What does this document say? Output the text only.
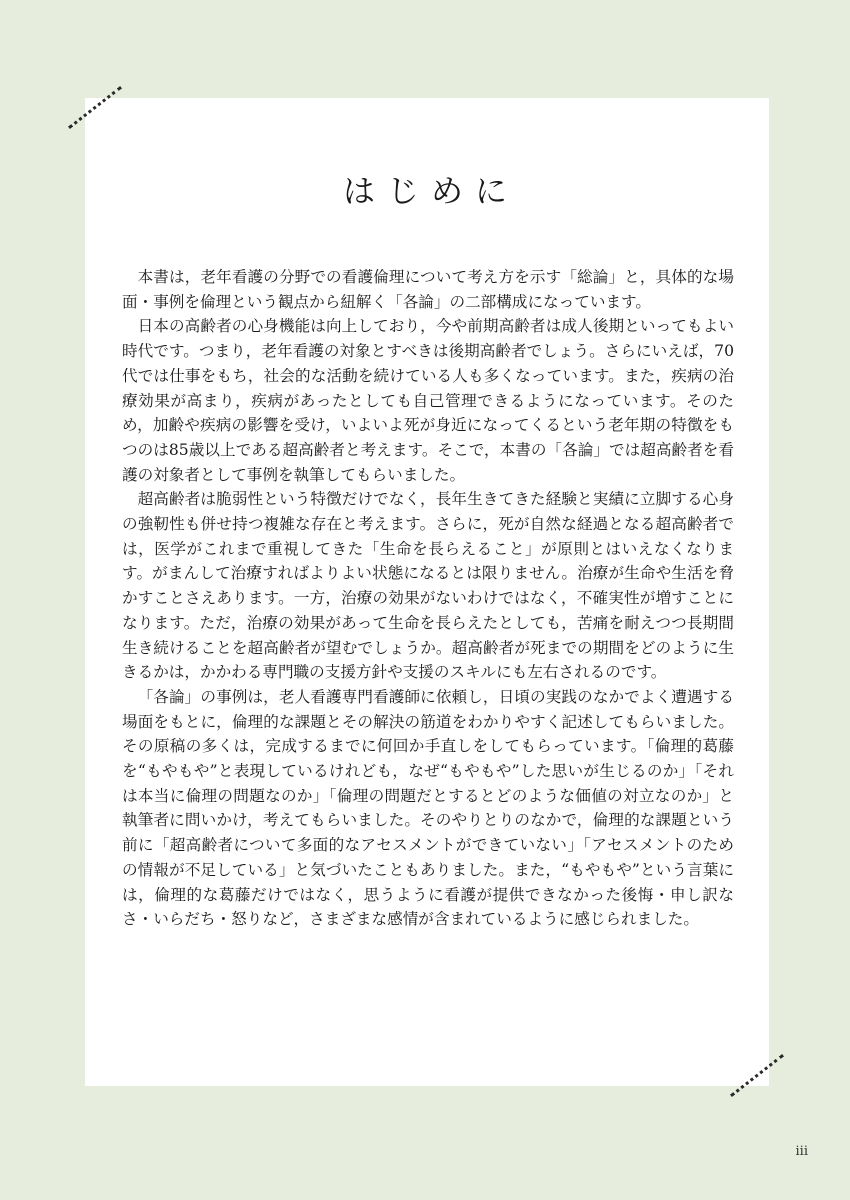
はじめに

本書は，老年看護の分野での看護倫理について考え方を示す「総論」と，具体的な場面・事例を倫理という観点から紐解く「各論」の二部構成になっています。

日本の高齢者の心身機能は向上しており，今や前期高齢者は成人後期といってもよい時代です。つまり，老年看護の対象とすべきは後期高齢者でしょう。さらにいえば，70代では仕事をもち，社会的な活動を続けている人も多くなっています。また，疾病の治療効果が高まり，疾病があったとしても自己管理できるようになっています。そのため，加齢や疾病の影響を受け，いよいよ死が身近になってくるという老年期の特徴をもつのは85歳以上である超高齢者と考えます。そこで，本書の「各論」では超高齢者を看護の対象者として事例を執筆してもらいました。

超高齢者は脆弱性という特徴だけでなく，長年生きてきた経験と実績に立脚する心身の強靭性も併せ持つ複雑な存在と考えます。さらに，死が自然な経過となる超高齢者では，医学がこれまで重視してきた「生命を長らえること」が原則とはいえなくなります。がまんして治療すればよりよい状態になるとは限りません。治療が生命や生活を脅かすことさえあります。一方，治療の効果がないわけではなく，不確実性が増すことになります。ただ，治療の効果があって生命を長らえたとしても，苦痛を耐えつつ長期間生き続けることを超高齢者が望むでしょうか。超高齢者が死までの期間をどのように生きるかは，かかわる専門職の支援方針や支援のスキルにも左右されるのです。

「各論」の事例は，老人看護専門看護師に依頼し，日頃の実践のなかでよく遭遇する場面をもとに，倫理的な課題とその解決の筋道をわかりやすく記述してもらいました。その原稿の多くは，完成するまでに何回か手直しをしてもらっています。「倫理的葛藤を“もやもや”と表現しているけれども，なぜ“もやもや”した思いが生じるのか」「それは本当に倫理の問題なのか」「倫理の問題だとするとどのような価値の対立なのか」と執筆者に問いかけ，考えてもらいました。そのやりとりのなかで，倫理的な課題という前に「超高齢者について多面的なアセスメントができていない」「アセスメントのための情報が不足している」と気づいたこともありました。また，“もやもや”という言葉には，倫理的な葛藤だけではなく，思うように看護が提供できなかった後悔・申し訳なさ・いらだち・怒りなど，さまざまな感情が含まれているように感じられました。

iii
